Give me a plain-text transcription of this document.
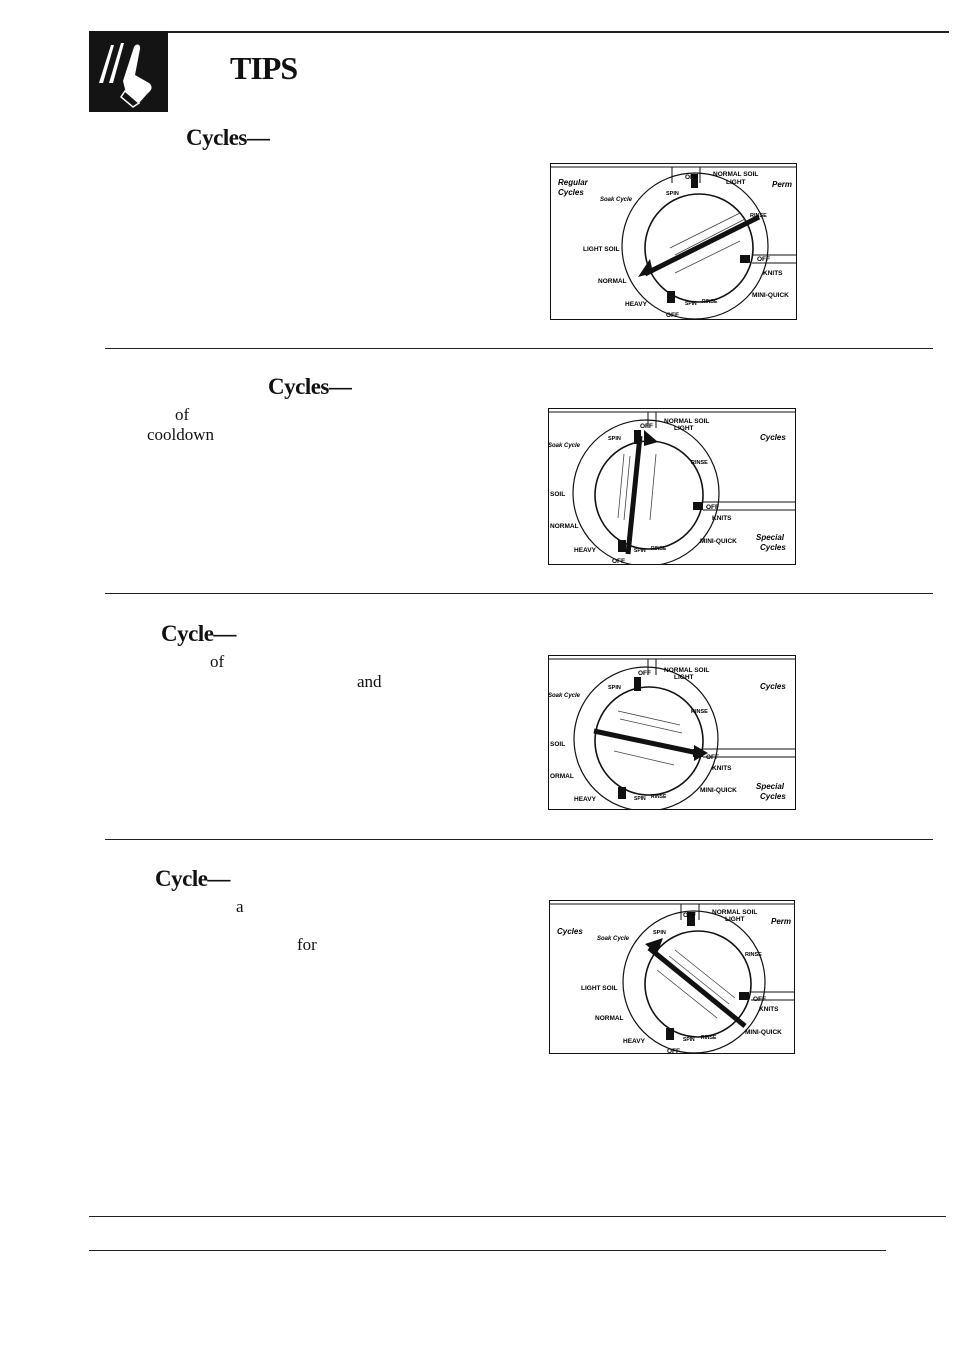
TIPS
Cycles—
Cycles—
of
cooldown
Cycle—
of
and
Cycle—
a
for
OFF NORMAL SOIL
LIGHT	Perm
Regular
Cycles
Soak Cycle
SPIN
LIGHT SOIL
RINSE
OFF
KNITS
NORMAL
MINI-QUICK
HEAVY	SPIN RINSE
OFF
OFF
NORMAL SOIL
LIGHT
Cycles
Soak Cycle
SPIN
RINSE
SOIL
OFF
KNITS
NORMAL
MINI-QUICK Special
Cycles
HEAVY	SPIN RINSE
OFF
OFF NORMAL SOIL
LIGHT
Cycles
Soak Cycle
SPIN
RINSE
SOIL
OFF
KNITS
ORMAL
MINI-QUICK Special
Cycles
HEAVY	SPIN RINSE
OFF NORMAL SOIL
LIGHT	Perm
Cycles
Soak Cycle
SPIN
LIGHT SOIL
RINSE
OFF
KNITS
NORMAL
MINI-QUICK
HEAVY	SPIN RINSE
OFF
